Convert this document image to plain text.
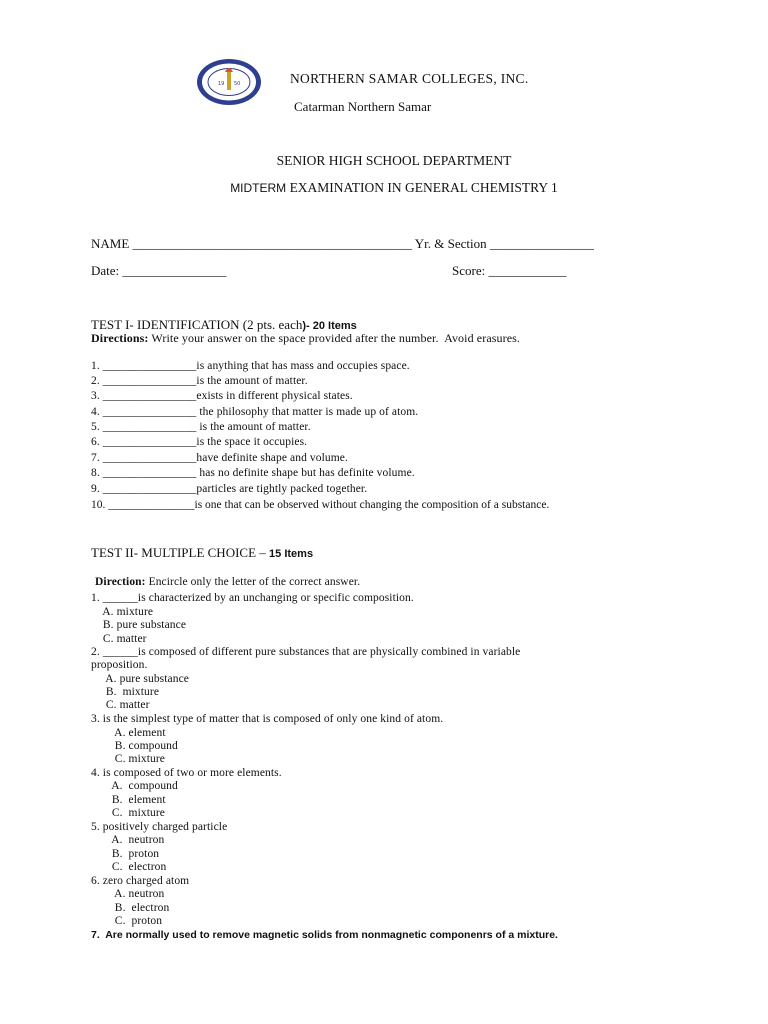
19 50	NORTHERN SAMAR COLLEGES, INC.
Catarman Northern Samar
SENIOR HIGH SCHOOL DEPARTMENT
MIDTERM EXAMINATION IN GENERAL CHEMISTRY 1
NAME ___________________________________________ Yr. & Section ________________
Date: ________________	Score: ____________
TEST I- IDENTIFICATION (2 pts. each)- 20 Items
Directions: Write your answer on the space provided after the number.  Avoid erasures.
1. ________________is anything that has mass and occupies space.
2. ________________is the amount of matter.
3. ________________exists in different physical states.
4. ________________ the philosophy that matter is made up of atom.
5. ________________ is the amount of matter.
6. ________________is the space it occupies.
7. ________________have definite shape and volume.
8. ________________ has no definite shape but has definite volume.
9. ________________particles are tightly packed together.
10. _______________is one that can be observed without changing the composition of a substance.
TEST II- MULTIPLE CHOICE – 15 Items
Direction: Encircle only the letter of the correct answer.
1. ______is characterized by an unchanging or specific composition.
A. mixture
B. pure substance
C. matter
2. ______is composed of different pure substances that are physically combined in variable
proposition.
A. pure substance
B.  mixture
C. matter
3. is the simplest type of matter that is composed of only one kind of atom.
A. element
B. compound
C. mixture
4. is composed of two or more elements.
A.  compound
B.  element
C.  mixture
5. positively charged particle
A.  neutron
B.  proton
C.  electron
6. zero charged atom
A. neutron
B.  electron
C.  proton
7.  Are normally used to remove magnetic solids from nonmagnetic componenrs of a mixture.
